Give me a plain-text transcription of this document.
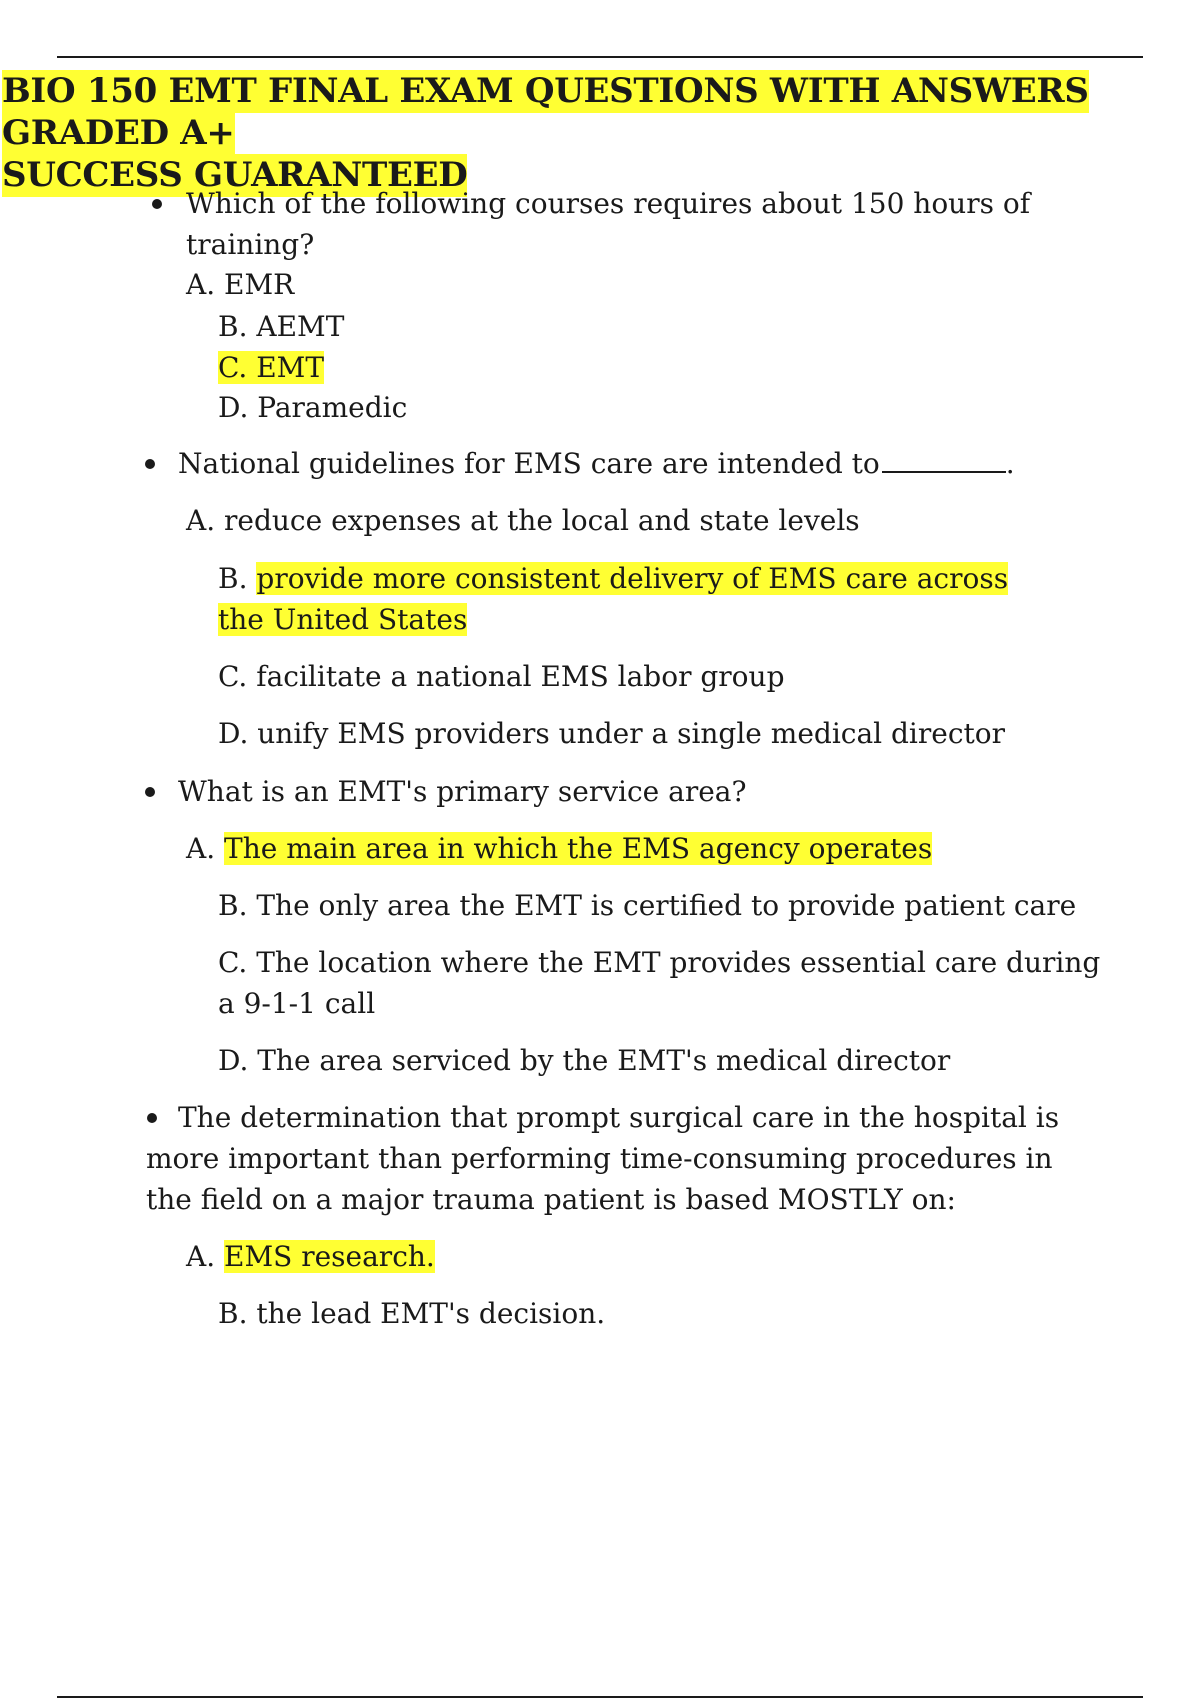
BIO 150 EMT FINAL EXAM QUESTIONS WITH ANSWERS GRADED A+
SUCCESS GUARANTEED

Which of the following courses requires about 150 hours of

training?

A. EMR

B. AEMT

C. EMT

D. Paramedic

National guidelines for EMS care are intended to	.

A. reduce expenses at the local and state levels

B. provide more consistent delivery of EMS care across

the United States

C. facilitate a national EMS labor group

D. unify EMS providers under a single medical director

What is an EMT's primary service area?

A. The main area in which the EMS agency operates

B. The only area the EMT is certified to provide patient care

C. The location where the EMT provides essential care during

a 9-1-1 call

D. The area serviced by the EMT's medical director

The determination that prompt surgical care in the hospital is

more important than performing time-consuming procedures in

the field on a major trauma patient is based MOSTLY on:

A. EMS research.

B. the lead EMT's decision.
